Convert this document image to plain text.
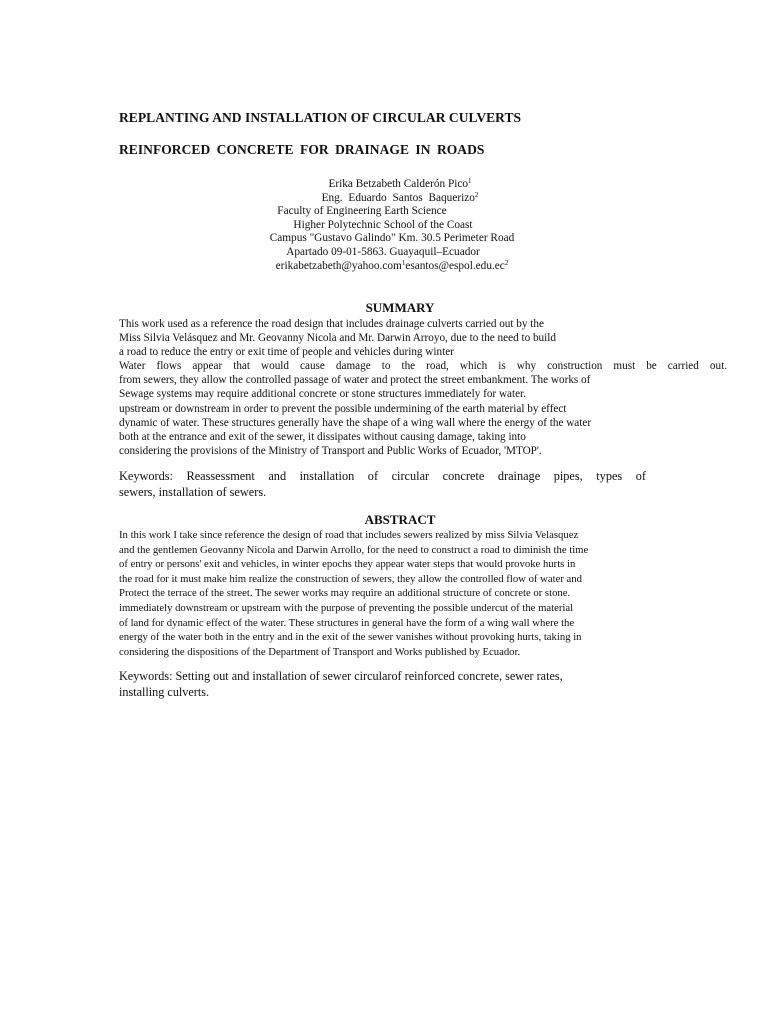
REPLANTING AND INSTALLATION OF CIRCULAR CULVERTS
REINFORCED CONCRETE FOR DRAINAGE IN ROADS
Erika Betzabeth Calderón Pico$^1$
Eng. Eduardo Santos Baquerizo$^2$
Faculty of Engineering Earth Science
Higher Polytechnic School of the Coast
Campus "Gustavo Galindo" Km. 30.5 Perimeter Road
Apartado 09-01-5863. Guayaquil–Ecuador
$erikabetzabeth@yahoo.com^1esantos@espol.edu.ec^2$
SUMMARY
This work used as a reference the road design that includes drainage culverts carried out by the
Miss Silvia Velásquez and Mr. Geovanny Nicola and Mr. Darwin Arroyo, due to the need to build
a road to reduce the entry or exit time of people and vehicles during winter
Water flows appear that would cause damage to the road, which is why construction must be carried out.
from sewers, they allow the controlled passage of water and protect the street embankment. The works of
Sewage systems may require additional concrete or stone structures immediately for water.
upstream or downstream in order to prevent the possible undermining of the earth material by effect
dynamic of water. These structures generally have the shape of a wing wall where the energy of the water
both at the entrance and exit of the sewer, it dissipates without causing damage, taking into
considering the provisions of the Ministry of Transport and Public Works of Ecuador, 'MTOP'.
Keywords: Reassessment and installation of circular concrete drainage pipes, types of
sewers, installation of sewers.
ABSTRACT
In this work I take since reference the design of road that includes sewers realized by miss Silvia Velasquez
and the gentlemen Geovanny Nicola and Darwin Arrollo, for the need to construct a road to diminish the time
of entry or persons' exit and vehicles, in winter epochs they appear water steps that would provoke hurts in
the road for it must make him realize the construction of sewers, they allow the controlled flow of water and
Protect the terrace of the street. The sewer works may require an additional structure of concrete or stone.
immediately downstream or upstream with the purpose of preventing the possible undercut of the material
of land for dynamic effect of the water. These structures in general have the form of a wing wall where the
energy of the water both in the entry and in the exit of the sewer vanishes without provoking hurts, taking in
considering the dispositions of the Department of Transport and Works published by Ecuador.
Keywords: Setting out and installation of sewer circularof reinforced concrete, sewer rates,
installing culverts.
